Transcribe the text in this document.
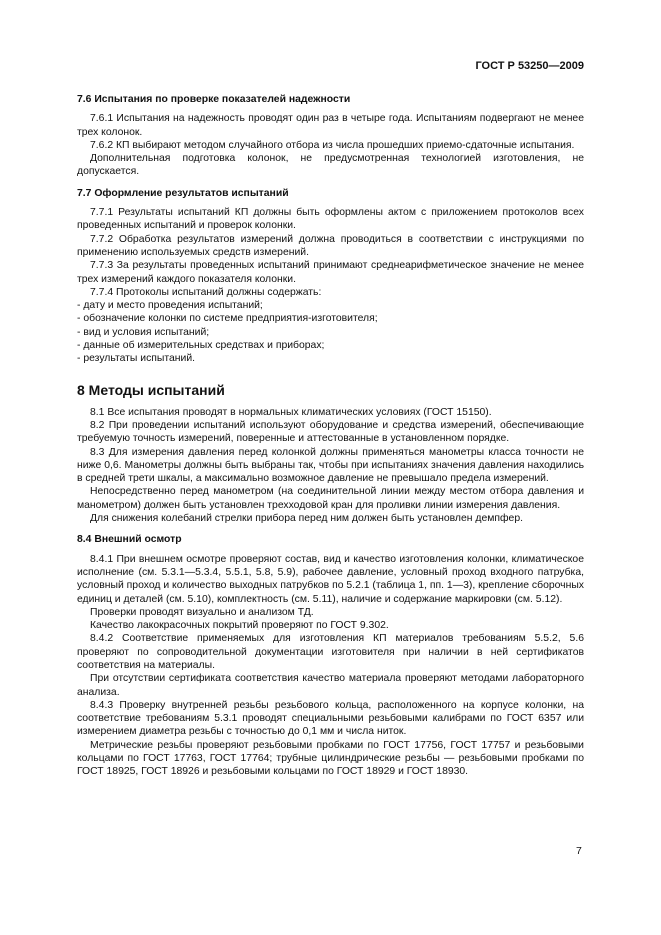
ГОСТ Р 53250—2009
7.6 Испытания по проверке показателей надежности

7.6.1 Испытания на надежность проводят один раз в четыре года. Испытаниям подвергают не менее трех колонок.

7.6.2 КП выбирают методом случайного отбора из числа прошедших приемо-сдаточные испытания.

Дополнительная подготовка колонок, не предусмотренная технологией изготовления, не допускается.

7.7 Оформление результатов испытаний

7.7.1 Результаты испытаний КП должны быть оформлены актом с приложением протоколов всех проведенных испытаний и проверок колонки.

7.7.2 Обработка результатов измерений должна проводиться в соответствии с инструкциями по применению используемых средств измерений.

7.7.3 За результаты проведенных испытаний принимают среднеарифметическое значение не менее трех измерений каждого показателя колонки.

7.7.4 Протоколы испытаний должны содержать:

- дату и место проведения испытаний;

- обозначение колонки по системе предприятия-изготовителя;

- вид и условия испытаний;

- данные об измерительных средствах и приборах;

- результаты испытаний.

8 Методы испытаний

8.1 Все испытания проводят в нормальных климатических условиях (ГОСТ 15150).

8.2 При проведении испытаний используют оборудование и средства измерений, обеспечивающие требуемую точность измерений, поверенные и аттестованные в установленном порядке.

8.3 Для измерения давления перед колонкой должны применяться манометры класса точности не ниже 0,6. Манометры должны быть выбраны так, чтобы при испытаниях значения давления находились в средней трети шкалы, а максимально возможное давление не превышало предела измерений.

Непосредственно перед манометром (на соединительной линии между местом отбора давления и манометром) должен быть установлен трехходовой кран для проливки линии измерения давления.

Для снижения колебаний стрелки прибора перед ним должен быть установлен демпфер.

8.4 Внешний осмотр

8.4.1 При внешнем осмотре проверяют состав, вид и качество изготовления колонки, климатическое исполнение (см. 5.3.1—5.3.4, 5.5.1, 5.8, 5.9), рабочее давление, условный проход входного патрубка, условный проход и количество выходных патрубков по 5.2.1 (таблица 1, пп. 1—3), крепление сборочных единиц и деталей (см. 5.10), комплектность (см. 5.11), наличие и содержание маркировки (см. 5.12).

Проверки проводят визуально и анализом ТД.

Качество лакокрасочных покрытий проверяют по ГОСТ 9.302.

8.4.2 Соответствие применяемых для изготовления КП материалов требованиям 5.5.2, 5.6 проверяют по сопроводительной документации изготовителя при наличии в ней сертификатов соответствия на материалы.

При отсутствии сертификата соответствия качество материала проверяют методами лабораторного анализа.

8.4.3 Проверку внутренней резьбы резьбового кольца, расположенного на корпусе колонки, на соответствие требованиям 5.3.1 проводят специальными резьбовыми калибрами по ГОСТ 6357 или измерением диаметра резьбы с точностью до 0,1 мм и числа ниток.

Метрические резьбы проверяют резьбовыми пробками по ГОСТ 17756, ГОСТ 17757 и резьбовыми кольцами по ГОСТ 17763, ГОСТ 17764; трубные цилиндрические резьбы — резьбовыми пробками по ГОСТ 18925, ГОСТ 18926 и резьбовыми кольцами по ГОСТ 18929 и ГОСТ 18930.

7
